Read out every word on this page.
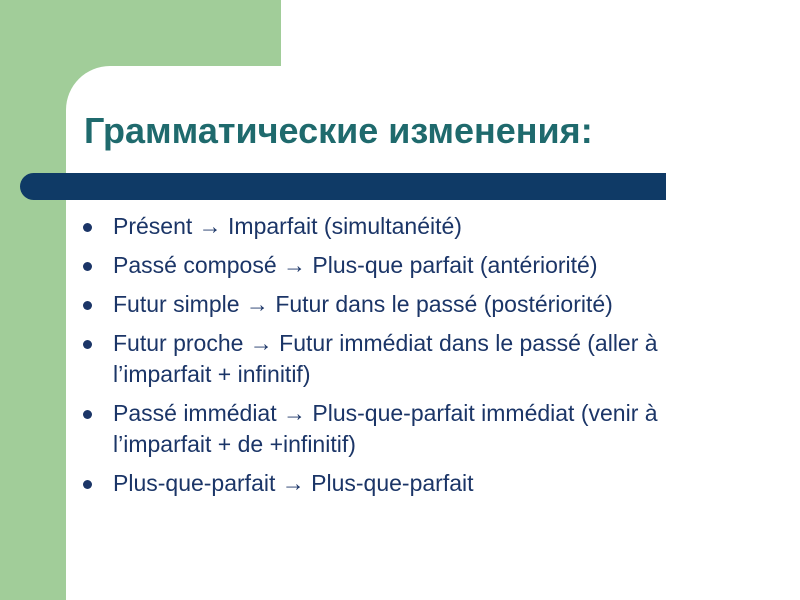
Грамматические изменения:
Présent → Imparfait (simultanéité)
Passé composé → Plus-que parfait (antériorité)
Futur simple → Futur dans le passé (postériorité)
Futur proche → Futur immédiat dans le passé (aller à l’imparfait + infinitif)
Passé immédiat → Plus-que-parfait immédiat (venir à l’imparfait + de +infinitif)
Plus-que-parfait → Plus-que-parfait
